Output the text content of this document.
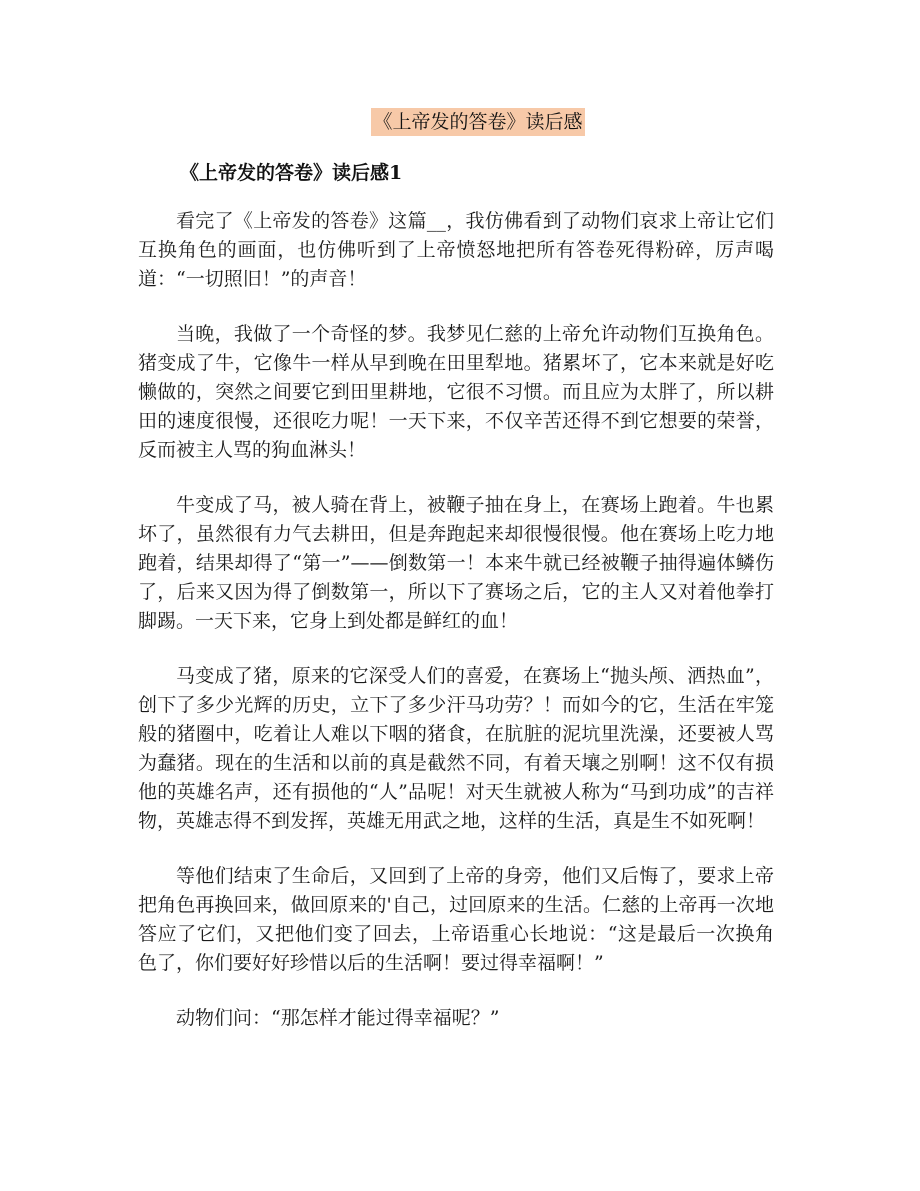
《上帝发的答卷》读后感
《上帝发的答卷》读后感1

看完了《上帝发的答卷》这篇__，我仿佛看到了动物们哀求上帝让它们互换角色的画面，也仿佛听到了上帝愤怒地把所有答卷死得粉碎，厉声喝道：“一切照旧！”的声音！

当晚，我做了一个奇怪的梦。我梦见仁慈的上帝允许动物们互换角色。猪变成了牛，它像牛一样从早到晚在田里犁地。猪累坏了，它本来就是好吃懒做的，突然之间要它到田里耕地，它很不习惯。而且应为太胖了，所以耕田的速度很慢，还很吃力呢！一天下来，不仅辛苦还得不到它想要的荣誉，反而被主人骂的狗血淋头！

牛变成了马，被人骑在背上，被鞭子抽在身上，在赛场上跑着。牛也累坏了，虽然很有力气去耕田，但是奔跑起来却很慢很慢。他在赛场上吃力地跑着，结果却得了“第一”——倒数第一！本来牛就已经被鞭子抽得遍体鳞伤了，后来又因为得了倒数第一，所以下了赛场之后，它的主人又对着他拳打脚踢。一天下来，它身上到处都是鲜红的血！

马变成了猪，原来的它深受人们的喜爱，在赛场上“抛头颅、洒热血”，创下了多少光辉的历史，立下了多少汗马功劳？！而如今的它，生活在牢笼般的猪圈中，吃着让人难以下咽的猪食，在肮脏的泥坑里洗澡，还要被人骂为蠢猪。现在的生活和以前的真是截然不同，有着天壤之别啊！这不仅有损他的英雄名声，还有损他的“人”品呢！对天生就被人称为“马到功成”的吉祥物，英雄志得不到发挥，英雄无用武之地，这样的生活，真是生不如死啊！

等他们结束了生命后，又回到了上帝的身旁，他们又后悔了，要求上帝把角色再换回来，做回原来的'自己，过回原来的生活。仁慈的上帝再一次地答应了它们，又把他们变了回去，上帝语重心长地说：“这是最后一次换角色了，你们要好好珍惜以后的生活啊！要过得幸福啊！”

动物们问：“那怎样才能过得幸福呢？”
